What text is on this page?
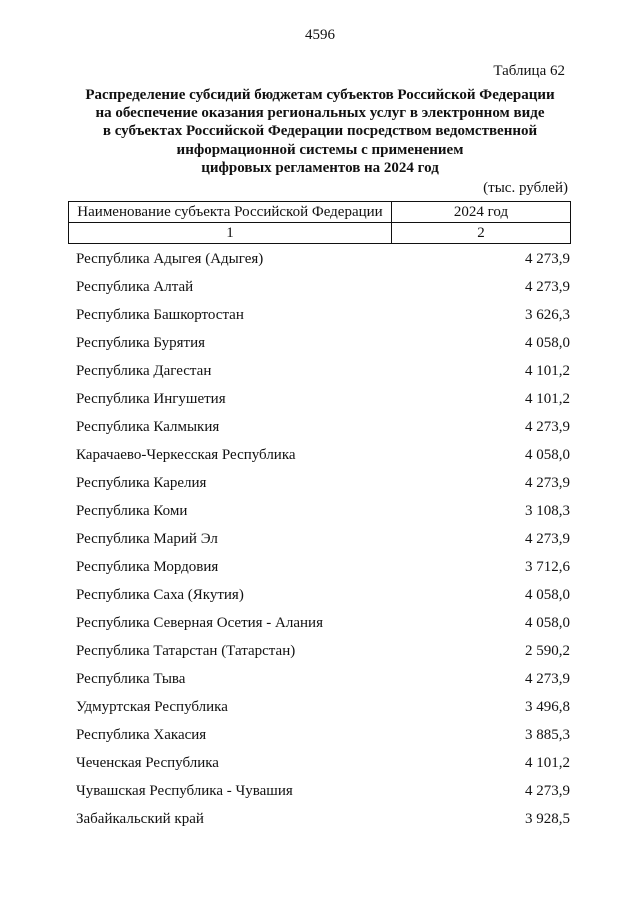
4596
Таблица 62
Распределение субсидий бюджетам субъектов Российской Федерации
на обеспечение оказания региональных услуг в электронном виде
в субъектах Российской Федерации посредством ведомственной
информационной системы с применением
цифровых регламентов на 2024 год
(тыс. рублей)
Наименование субъекта Российской Федерации	2024 год
1	2
Республика Адыгея (Адыгея)	4 273,9
Республика Алтай	4 273,9
Республика Башкортостан	3 626,3
Республика Бурятия	4 058,0
Республика Дагестан	4 101,2
Республика Ингушетия	4 101,2
Республика Калмыкия	4 273,9
Карачаево-Черкесская Республика	4 058,0
Республика Карелия	4 273,9
Республика Коми	3 108,3
Республика Марий Эл	4 273,9
Республика Мордовия	3 712,6
Республика Саха (Якутия)	4 058,0
Республика Северная Осетия - Алания	4 058,0
Республика Татарстан (Татарстан)	2 590,2
Республика Тыва	4 273,9
Удмуртская Республика	3 496,8
Республика Хакасия	3 885,3
Чеченская Республика	4 101,2
Чувашская Республика - Чувашия	4 273,9
Забайкальский край	3 928,5
